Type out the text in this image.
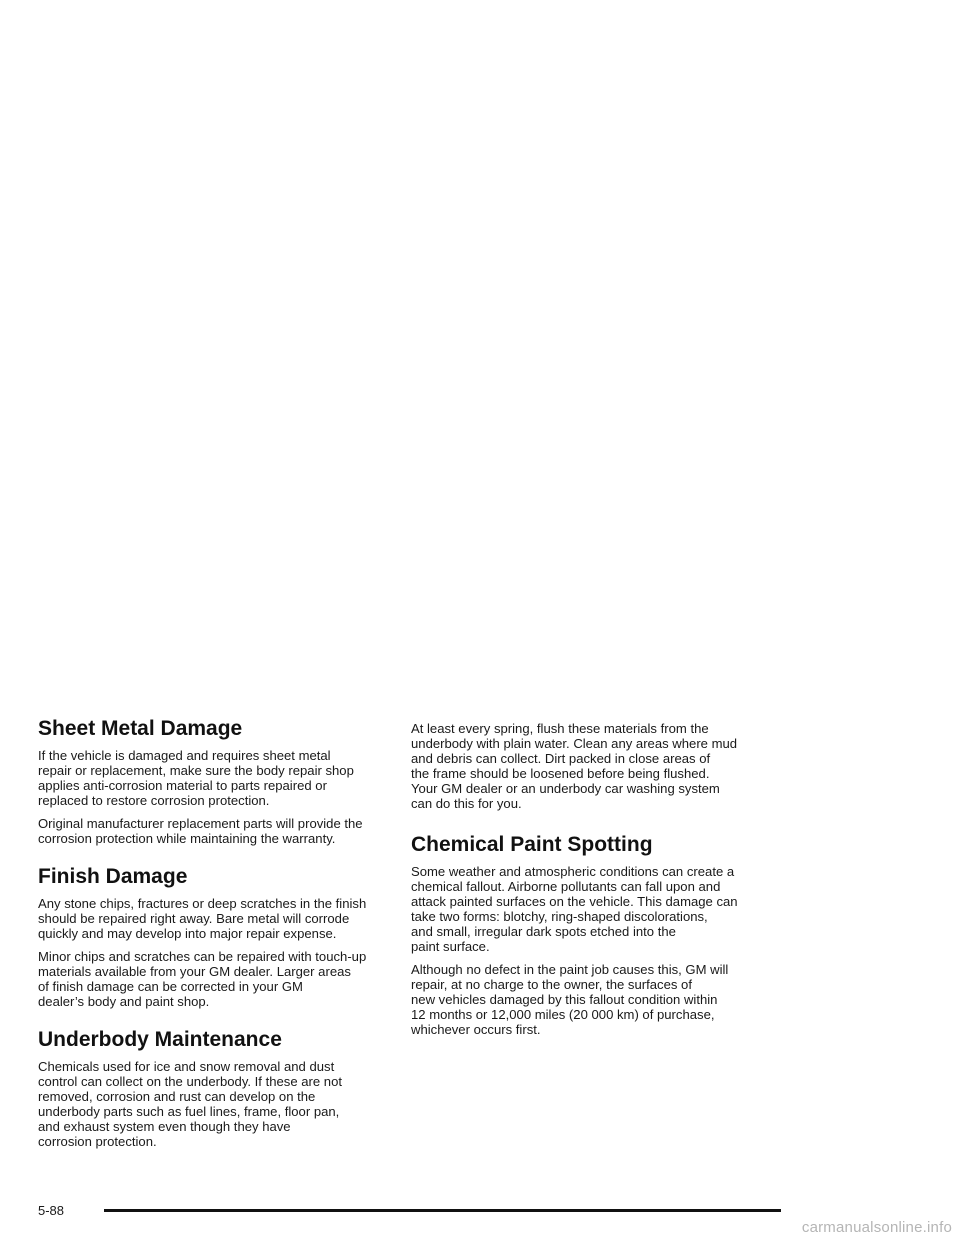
Sheet Metal Damage

If the vehicle is damaged and requires sheet metal
repair or replacement, make sure the body repair shop
applies anti-corrosion material to parts repaired or
replaced to restore corrosion protection.

Original manufacturer replacement parts will provide the
corrosion protection while maintaining the warranty.

Finish Damage

Any stone chips, fractures or deep scratches in the finish
should be repaired right away. Bare metal will corrode
quickly and may develop into major repair expense.

Minor chips and scratches can be repaired with touch-up
materials available from your GM dealer. Larger areas
of finish damage can be corrected in your GM
dealer’s body and paint shop.

Underbody Maintenance

Chemicals used for ice and snow removal and dust
control can collect on the underbody. If these are not
removed, corrosion and rust can develop on the
underbody parts such as fuel lines, frame, floor pan,
and exhaust system even though they have
corrosion protection.

At least every spring, flush these materials from the
underbody with plain water. Clean any areas where mud
and debris can collect. Dirt packed in close areas of
the frame should be loosened before being flushed.
Your GM dealer or an underbody car washing system
can do this for you.

Chemical Paint Spotting

Some weather and atmospheric conditions can create a
chemical fallout. Airborne pollutants can fall upon and
attack painted surfaces on the vehicle. This damage can
take two forms: blotchy, ring-shaped discolorations,
and small, irregular dark spots etched into the
paint surface.

Although no defect in the paint job causes this, GM will
repair, at no charge to the owner, the surfaces of
new vehicles damaged by this fallout condition within
12 months or 12,000 miles (20 000 km) of purchase,
whichever occurs first.

5-88

carmanualsonline.info
